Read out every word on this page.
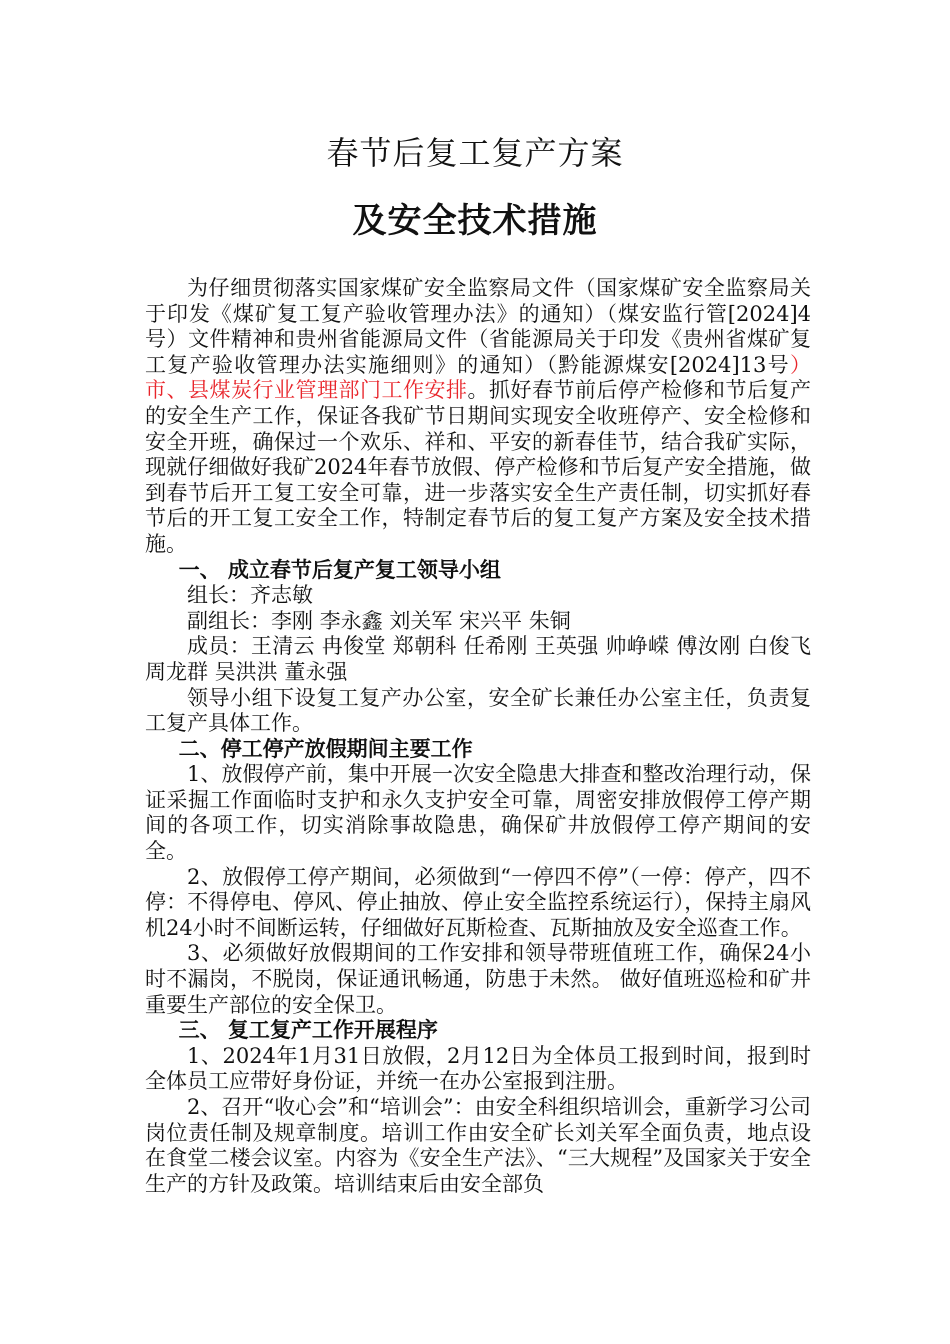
春节后复工复产方案
及安全技术措施

为仔细贯彻落实国家煤矿安全监察局文件（国家煤矿安全监察局关于印发《煤矿复工复产验收管理办法》的通知）（煤安监行管[2024]4号）文件精神和贵州省能源局文件（省能源局关于印发《贵州省煤矿复工复产验收管理办法实施细则》的通知）（黔能源煤安[2024]13号）市、县煤炭行业管理部门工作安排。抓好春节前后停产检修和节后复产的安全生产工作，保证各我矿节日期间实现安全收班停产、安全检修和安全开班，确保过一个欢乐、祥和、平安的新春佳节，结合我矿实际，现就仔细做好我矿2024年春节放假、停产检修和节后复产安全措施，做到春节后开工复工安全可靠，进一步落实安全生产责任制，切实抓好春节后的开工复工安全工作，特制定春节后的复工复产方案及安全技术措施。

一、 成立春节后复产复工领导小组

组长：齐志敏

副组长：李刚 李永鑫 刘关军 宋兴平 朱铜

成员：王清云 冉俊堂 郑朝科 任希刚 王英强 帅峥嵘 傅汝刚 白俊飞 周龙群 吴洪洪 董永强

领导小组下设复工复产办公室，安全矿长兼任办公室主任，负责复工复产具体工作。

二、停工停产放假期间主要工作

1、放假停产前，集中开展一次安全隐患大排查和整改治理行动，保证采掘工作面临时支护和永久支护安全可靠，周密安排放假停工停产期间的各项工作，切实消除事故隐患，确保矿井放假停工停产期间的安全。

2、放假停工停产期间，必须做到“一停四不停”（一停：停产，四不停：不得停电、停风、停止抽放、停止安全监控系统运行），保持主扇风机24小时不间断运转，仔细做好瓦斯检查、瓦斯抽放及安全巡查工作。

3、必须做好放假期间的工作安排和领导带班值班工作，确保24小时不漏岗，不脱岗，保证通讯畅通，防患于未然。 做好值班巡检和矿井重要生产部位的安全保卫。

三、 复工复产工作开展程序

1、2024年1月31日放假，2月12日为全体员工报到时间，报到时全体员工应带好身份证，并统一在办公室报到注册。

2、召开“收心会”和“培训会”：由安全科组织培训会，重新学习公司岗位责任制及规章制度。培训工作由安全矿长刘关军全面负责，地点设在食堂二楼会议室。内容为《安全生产法》、“三大规程”及国家关于安全生产的方针及政策。培训结束后由安全部负
